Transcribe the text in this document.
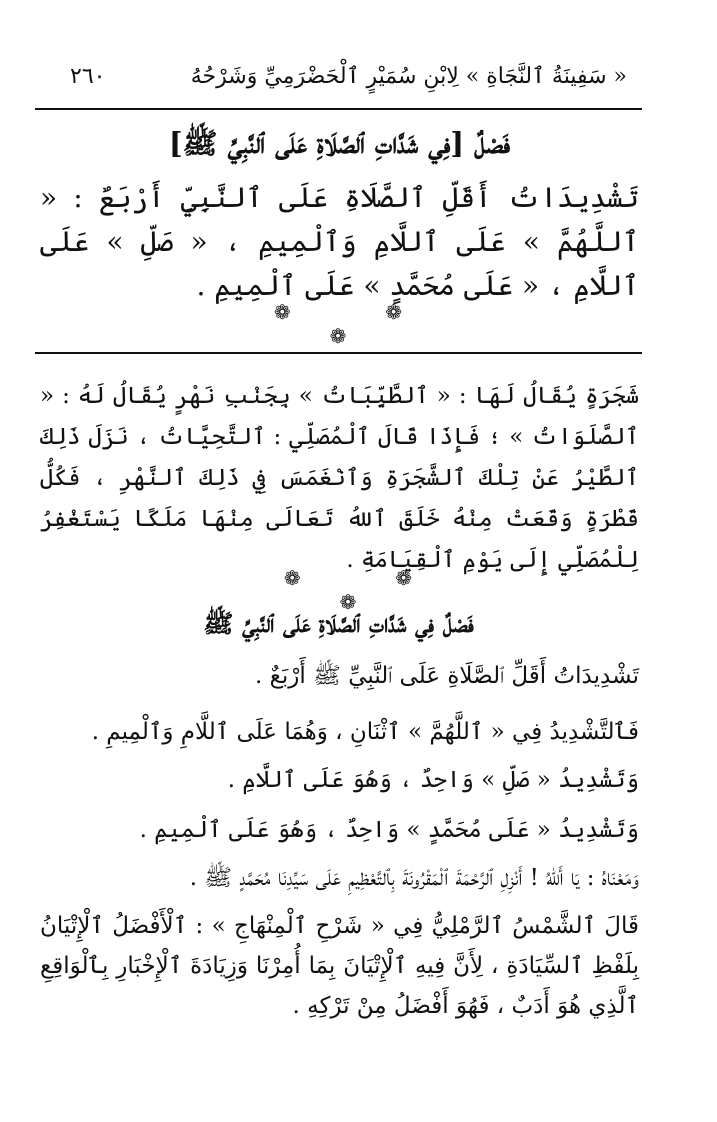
٢٦٠	« سَفِينَةُ ٱلنَّجَاةِ » لِابْنِ سُمَيْرٍ ٱلْحَضْرَمِيِّ وَشَرْحُهُ
فَصْلٌ [فِي شَدَّاتِ ٱلصَّلَاةِ عَلَى ٱلنَّبِيِّ ﷺ]
تَشْدِيدَاتُ أَقَلِّ ٱلصَّلَاةِ عَلَى ٱلنَّبِيِّ أَرْبَعٌ : « ٱللَّهُمَّ » عَلَى ٱللَّامِ وَٱلْمِيمِ ، « صَلِّ » عَلَى ٱللَّامِ ، « عَلَى مُحَمَّدٍ » عَلَى ٱلْمِيمِ .
❁	❁ ❁
شَجَرَةٍ يُقَالُ لَهَا : « ٱلطَّيِّبَاتُ » بِجَنْبِ نَهْرٍ يُقَالُ لَهُ : « ٱلصَّلَوَاتُ » ؛ فَإِذَا قَالَ ٱلْمُصَلِّي : ٱلتَّحِيَّاتُ ، نَزَلَ ذَلِكَ ٱلطَّيْرُ عَنْ تِلْكَ ٱلشَّجَرَةِ وَٱنْغَمَسَ فِي ذَلِكَ ٱلنَّهْرِ ، فَكُلُّ قَطْرَةٍ وَقَعَتْ مِنْهُ خَلَقَ ٱللهُ تَعَالَى مِنْهَا مَلَكًا يَسْتَغْفِرُ لِلْمُصَلِّي إِلَى يَوْمِ ٱلْقِيَامَةِ .
❁	❁ ❁
فَصْلٌ فِي شَدَّاتِ ٱلصَّلَاةِ عَلَى ٱلنَّبِيِّ ﷺ
تَشْدِيدَاتُ أَقَلِّ ٱلصَّلَاةِ عَلَى ٱلنَّبِيِّ ﷺ أَرْبَعٌ .
فَٱلتَّشْدِيدُ فِي « ٱللَّهُمَّ » ٱثْنَانِ ، وَهُمَا عَلَى ٱللَّامِ وَٱلْمِيمِ .
وَتَشْدِيدُ « صَلِّ » وَاحِدٌ ، وَهُوَ عَلَى ٱللَّامِ .
وَتَشْدِيدُ « عَلَى مُحَمَّدٍ » وَاحِدٌ ، وَهُوَ عَلَى ٱلْمِيمِ .
وَمَعْنَاهُ : يَا أَللهُ ! أَنْزِلِ ٱلرَّحْمَةَ ٱلْمَقْرُونَةَ بِٱلتَّعْظِيمِ عَلَى سَيِّدِنَا مُحَمَّدٍ ﷺ .
قَالَ ٱلشَّمْسُ ٱلرَّمْلِيُّ فِي « شَرْحِ ٱلْمِنْهَاجِ » : ٱلْأَفْضَلُ ٱلْإِتْيَانُ بِلَفْظِ ٱلسِّيَادَةِ ، لِأَنَّ فِيهِ ٱلْإِتْيَانَ بِمَا أُمِرْنَا وَزِيَادَةَ ٱلْإِخْبَارِ بِٱلْوَاقِعِ ٱلَّذِي هُوَ أَدَبٌ ، فَهُوَ أَفْضَلُ مِنْ تَرْكِهِ .
